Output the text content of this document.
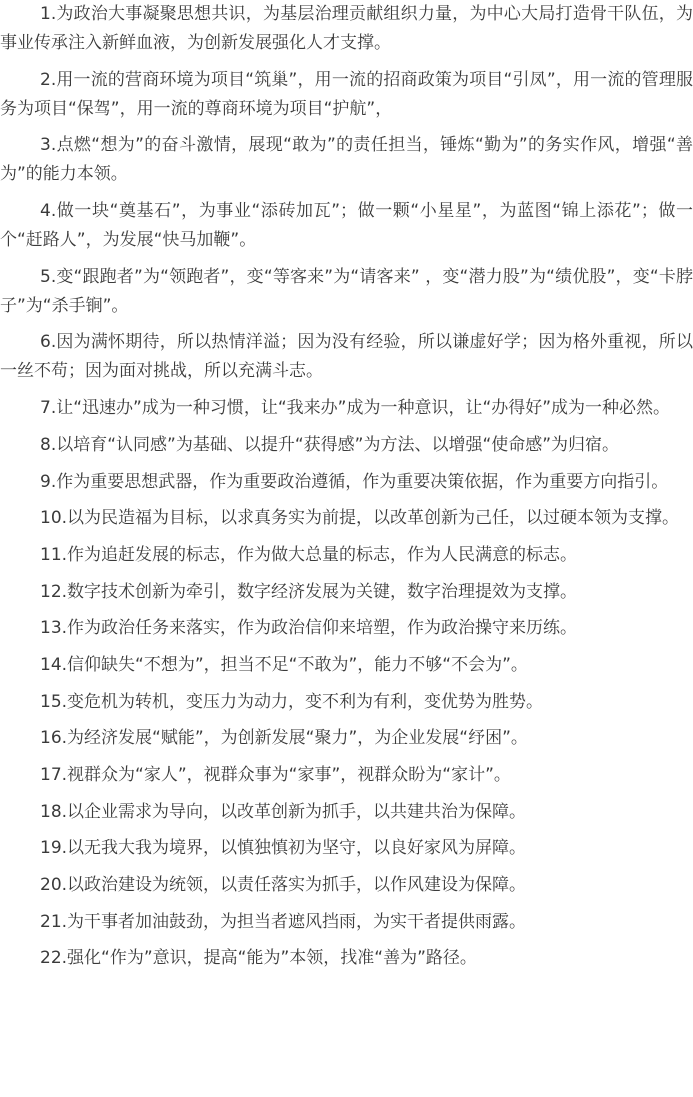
1.为政治大事凝聚思想共识，为基层治理贡献组织力量，为中心大局打造骨干队伍，为事业传承注入新鲜血液，为创新发展强化人才支撑。

2.用一流的营商环境为项目“筑巢”，用一流的招商政策为项目“引凤”，用一流的管理服务为项目“保驾”，用一流的尊商环境为项目“护航”，

3.点燃“想为”的奋斗激情，展现“敢为”的责任担当，锤炼“勤为”的务实作风，增强“善为”的能力本领。

4.做一块“奠基石”，为事业“添砖加瓦”；做一颗“小星星”，为蓝图“锦上添花”；做一个“赶路人”，为发展“快马加鞭”。

5.变“跟跑者”为“领跑者”，变“等客来”为“请客来” ，变“潜力股”为“绩优股”，变“卡脖子”为“杀手锏”。

6.因为满怀期待，所以热情洋溢；因为没有经验，所以谦虚好学；因为格外重视，所以一丝不苟；因为面对挑战，所以充满斗志。

7.让“迅速办”成为一种习惯，让“我来办”成为一种意识，让“办得好”成为一种必然。

8.以培育“认同感”为基础、以提升“获得感”为方法、以增强“使命感”为归宿。

9.作为重要思想武器，作为重要政治遵循，作为重要决策依据，作为重要方向指引。

10.以为民造福为目标，以求真务实为前提，以改革创新为己任，以过硬本领为支撑。

11.作为追赶发展的标志，作为做大总量的标志，作为人民满意的标志。

12.数字技术创新为牵引，数字经济发展为关键，数字治理提效为支撑。

13.作为政治任务来落实，作为政治信仰来培塑，作为政治操守来历练。

14.信仰缺失“不想为”，担当不足“不敢为”，能力不够“不会为”。

15.变危机为转机，变压力为动力，变不利为有利，变优势为胜势。

16.为经济发展“赋能”，为创新发展“聚力”，为企业发展“纾困”。

17.视群众为“家人”，视群众事为“家事”，视群众盼为“家计”。

18.以企业需求为导向，以改革创新为抓手，以共建共治为保障。

19.以无我大我为境界，以慎独慎初为坚守，以良好家风为屏障。

20.以政治建设为统领，以责任落实为抓手，以作风建设为保障。

21.为干事者加油鼓劲，为担当者遮风挡雨，为实干者提供雨露。

22.强化“作为”意识，提高“能为”本领，找准“善为”路径。
